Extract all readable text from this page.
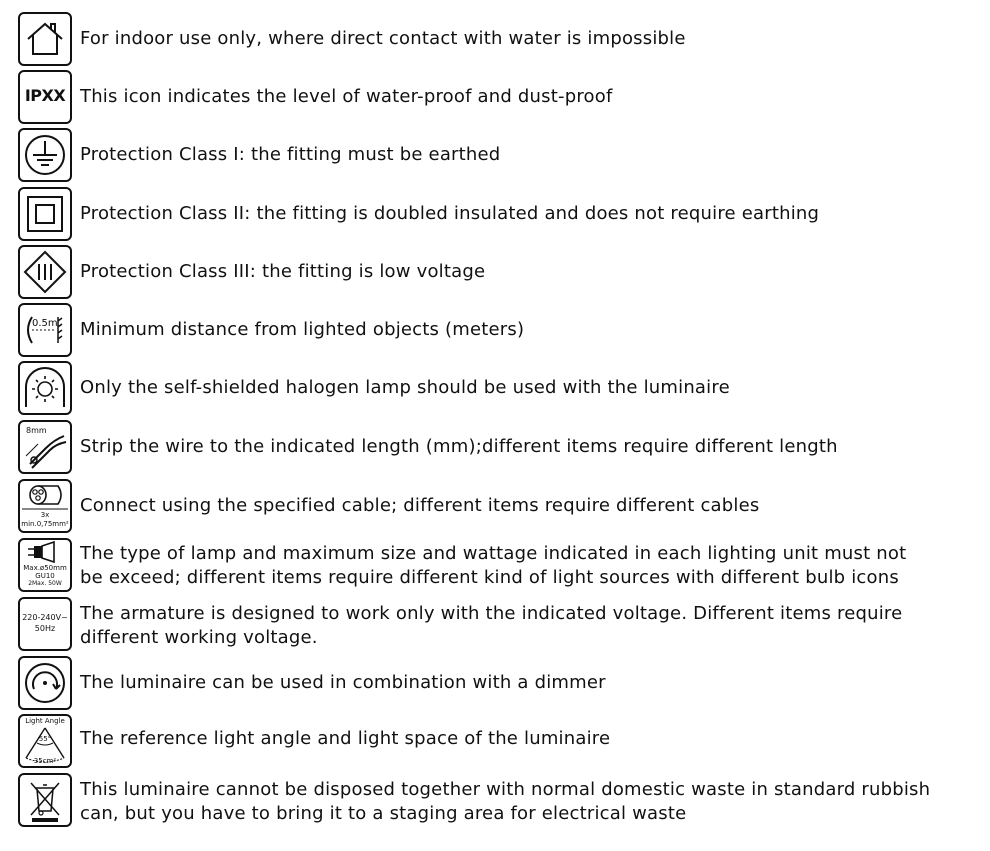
For indoor use only, where direct contact with water is impossible
IPXX This icon indicates the level of water-proof and dust-proof
Protection Class I: the fitting must be earthed
Protection Class II: the fitting is doubled insulated and does not require earthing
Protection Class III: the fitting is low voltage
0.5m Minimum distance from lighted objects (meters)
Only the self-shielded halogen lamp should be used with the luminaire
8mm
Strip the wire to the indicated length (mm);different items require different length
3x
min.0,75mm²
Connect using the specified cable; different items require different cables
Max.ø50mm
GU10
2Max. 50W
The type of lamp and maximum size and wattage indicated in each lighting unit must not
be exceed; different items require different kind of light sources with different bulb icons
220-240V~
50Hz
The armature is designed to work only with the indicated voltage. Different items require
different working voltage.
The luminaire can be used in combination with a dimmer
Light Angle
55°
35cm²
The reference light angle and light space of the luminaire
This luminaire cannot be disposed together with normal domestic waste in standard rubbish
can, but you have to bring it to a staging area for electrical waste
